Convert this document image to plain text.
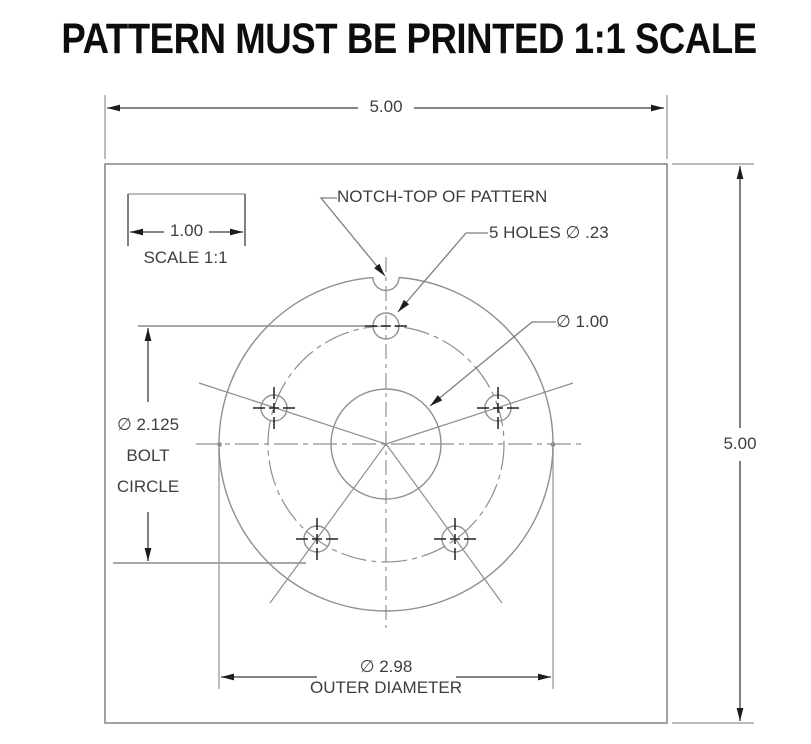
PATTERN MUST BE PRINTED 1:1 SCALE
5.00
5.00
1.00
SCALE 1:1
NOTCH-TOP OF PATTERN
5 HOLES ∅ .23
∅ 1.00
∅ 2.125
BOLT
CIRCLE
∅ 2.98
OUTER DIAMETER
